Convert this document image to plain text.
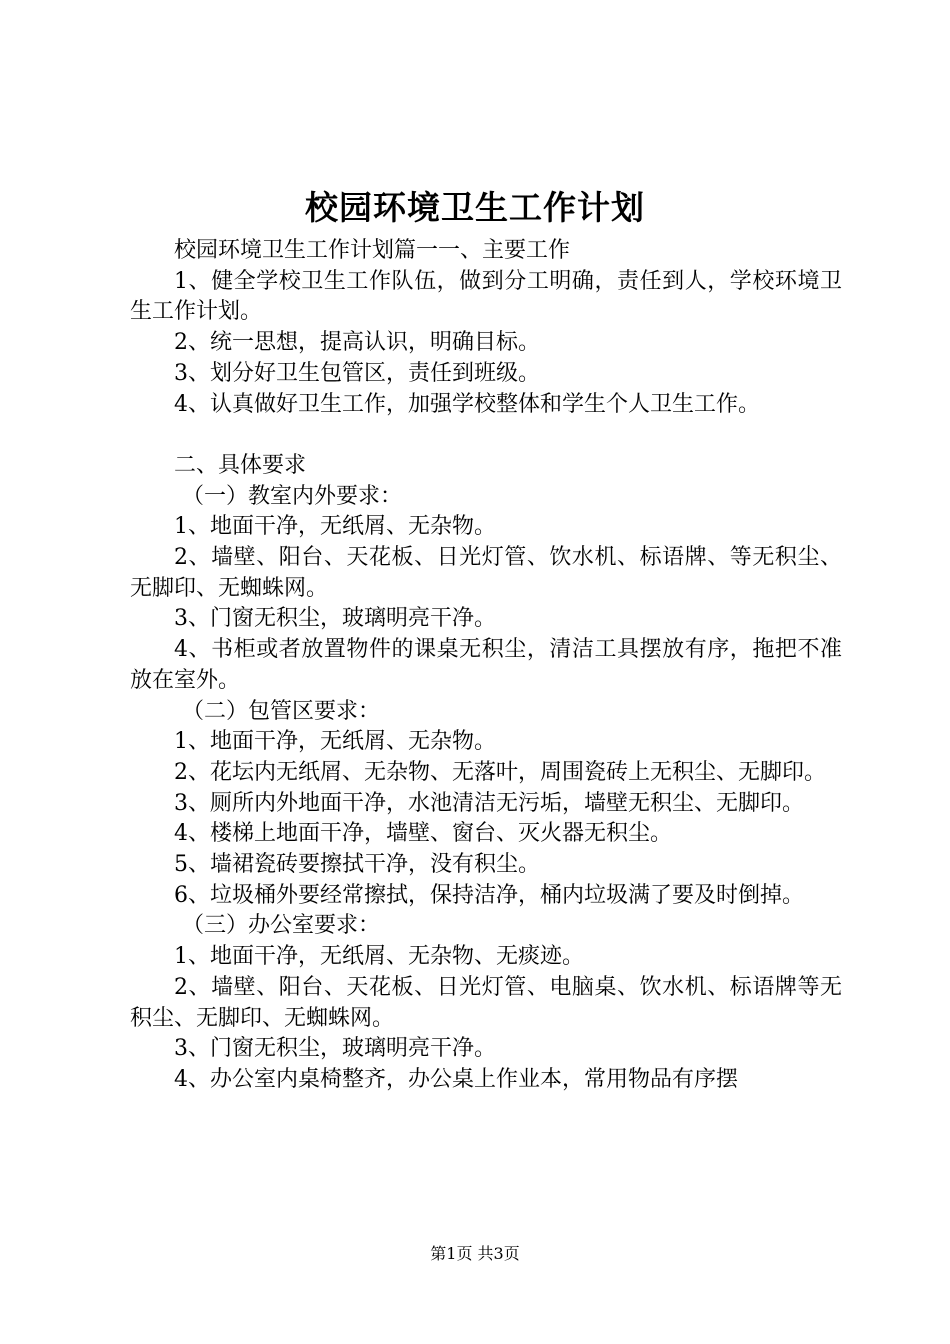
校园环境卫生工作计划

校园环境卫生工作计划篇一一、主要工作

1、健全学校卫生工作队伍，做到分工明确，责任到人，学校环境卫生工作计划。

2、统一思想，提高认识，明确目标。

3、划分好卫生包管区，责任到班级。

4、认真做好卫生工作，加强学校整体和学生个人卫生工作。

二、具体要求

（一）教室内外要求：

1、地面干净，无纸屑、无杂物。

2、墙壁、阳台、天花板、日光灯管、饮水机、标语牌、等无积尘、无脚印、无蜘蛛网。

3、门窗无积尘，玻璃明亮干净。

4、书柜或者放置物件的课桌无积尘，清洁工具摆放有序，拖把不准放在室外。

（二）包管区要求：

1、地面干净，无纸屑、无杂物。

2、花坛内无纸屑、无杂物、无落叶，周围瓷砖上无积尘、无脚印。

3、厕所内外地面干净，水池清洁无污垢，墙壁无积尘、无脚印。

4、楼梯上地面干净，墙壁、窗台、灭火器无积尘。

5、墙裙瓷砖要擦拭干净，没有积尘。

6、垃圾桶外要经常擦拭，保持洁净，桶内垃圾满了要及时倒掉。

（三）办公室要求：

1、地面干净，无纸屑、无杂物、无痰迹。

2、墙壁、阳台、天花板、日光灯管、电脑桌、饮水机、标语牌等无积尘、无脚印、无蜘蛛网。

3、门窗无积尘，玻璃明亮干净。

4、办公室内桌椅整齐，办公桌上作业本，常用物品有序摆

第1页 共3页
